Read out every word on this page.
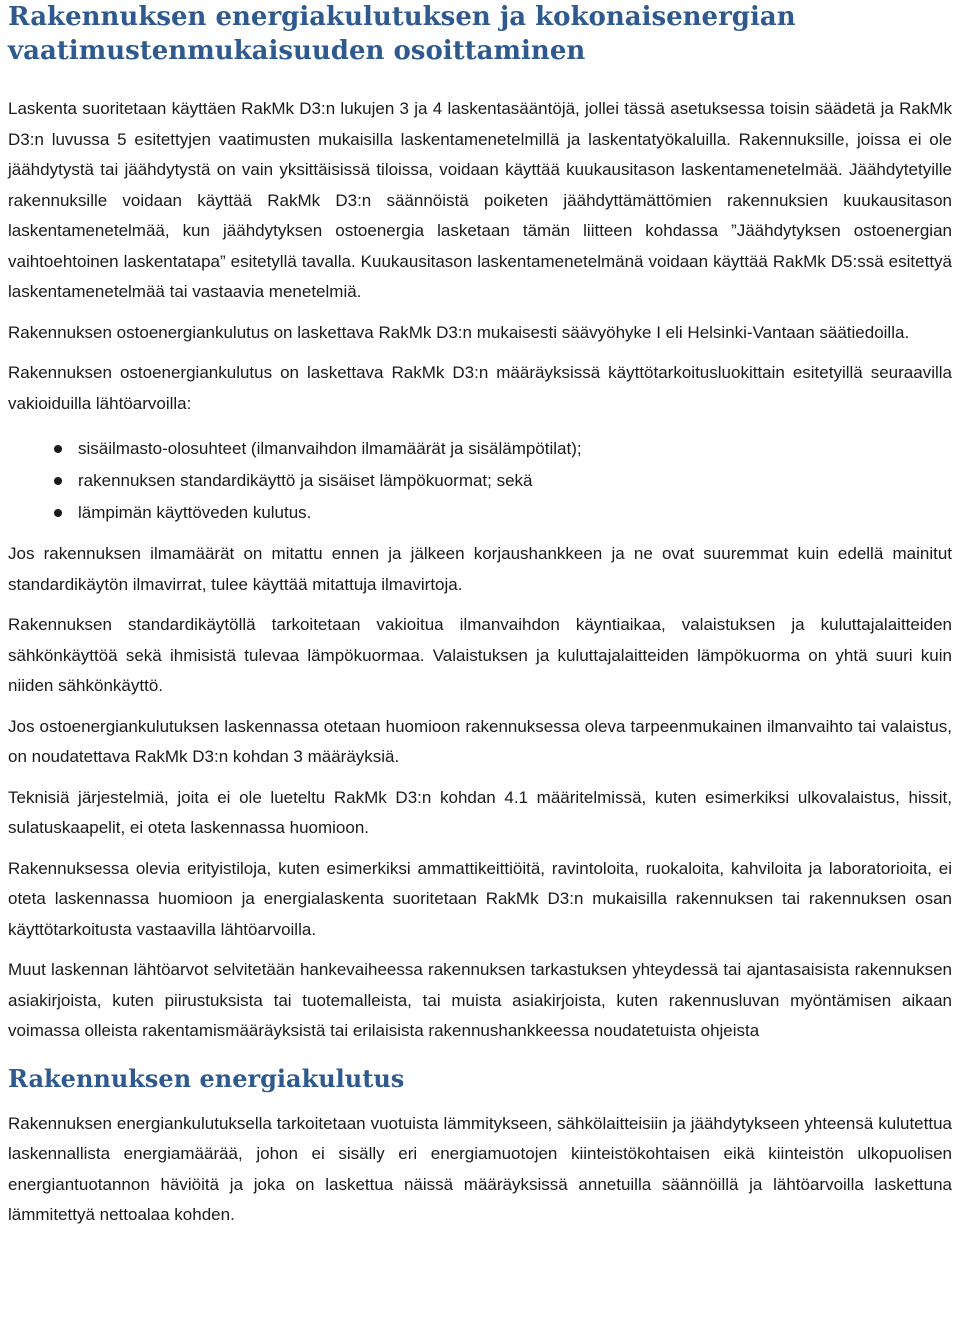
Rakennuksen energiakulutuksen ja kokonaisenergian vaatimustenmukaisuuden osoittaminen

Laskenta suoritetaan käyttäen RakMk D3:n lukujen 3 ja 4 laskentasääntöjä, jollei tässä asetuksessa toisin säädetä ja RakMk D3:n luvussa 5 esitettyjen vaatimusten mukaisilla laskentamenetelmillä ja laskentatyökaluilla. Rakennuksille, joissa ei ole jäähdytystä tai jäähdytystä on vain yksittäisissä tiloissa, voidaan käyttää kuukausitason laskentamenetelmää. Jäähdytetyille rakennuksille voidaan käyttää RakMk D3:n säännöistä poiketen jäähdyttämättömien rakennuksien kuukausitason laskentamenetelmää, kun jäähdytyksen ostoenergia lasketaan tämän liitteen kohdassa ”Jäähdytyksen ostoenergian vaihtoehtoinen laskentatapa” esitetyllä tavalla. Kuukausitason laskentamenetelmänä voidaan käyttää RakMk D5:ssä esitettyä laskentamenetelmää tai vastaavia menetelmiä.

Rakennuksen ostoenergiankulutus on laskettava RakMk D3:n mukaisesti säävyöhyke I eli Helsinki-Vantaan säätiedoilla.

Rakennuksen ostoenergiankulutus on laskettava RakMk D3:n määräyksissä käyttötarkoitusluokittain esitetyillä seuraavilla vakioiduilla lähtöarvoilla:

sisäilmasto-olosuhteet (ilmanvaihdon ilmamäärät ja sisälämpötilat);
rakennuksen standardikäyttö ja sisäiset lämpökuormat; sekä
lämpimän käyttöveden kulutus.

Jos rakennuksen ilmamäärät on mitattu ennen ja jälkeen korjaushankkeen ja ne ovat suuremmat kuin edellä mainitut standardikäytön ilmavirrat, tulee käyttää mitattuja ilmavirtoja.

Rakennuksen standardikäytöllä tarkoitetaan vakioitua ilmanvaihdon käyntiaikaa, valaistuksen ja kuluttajalaitteiden sähkönkäyttöä sekä ihmisistä tulevaa lämpökuormaa. Valaistuksen ja kuluttajalaitteiden lämpökuorma on yhtä suuri kuin niiden sähkönkäyttö.

Jos ostoenergiankulutuksen laskennassa otetaan huomioon rakennuksessa oleva tarpeenmukainen ilmanvaihto tai valaistus, on noudatettava RakMk D3:n kohdan 3 määräyksiä.

Teknisiä järjestelmiä, joita ei ole lueteltu RakMk D3:n kohdan 4.1 määritelmissä, kuten esimerkiksi ulkovalaistus, hissit, sulatuskaapelit, ei oteta laskennassa huomioon.

Rakennuksessa olevia erityistiloja, kuten esimerkiksi ammattikeittiöitä, ravintoloita, ruokaloita, kahviloita ja laboratorioita, ei oteta laskennassa huomioon ja energialaskenta suoritetaan RakMk D3:n mukaisilla rakennuksen tai rakennuksen osan käyttötarkoitusta vastaavilla lähtöarvoilla.

Muut laskennan lähtöarvot selvitetään hankevaiheessa rakennuksen tarkastuksen yhteydessä tai ajantasaisista rakennuksen asiakirjoista, kuten piirustuksista tai tuotemalleista, tai muista asiakirjoista, kuten rakennusluvan myöntämisen aikaan voimassa olleista rakentamismääräyksistä tai erilaisista rakennushankkeessa noudatetuista ohjeista

Rakennuksen energiakulutus

Rakennuksen energiankulutuksella tarkoitetaan vuotuista lämmitykseen, sähkölaitteisiin ja jäähdytykseen yhteensä kulutettua laskennallista energiamäärää, johon ei sisälly eri energiamuotojen kiinteistökohtaisen eikä kiinteistön ulkopuolisen energiantuotannon häviöitä ja joka on laskettua näissä määräyksissä annetuilla säännöillä ja lähtöarvoilla laskettuna lämmitettyä nettoalaa kohden.
